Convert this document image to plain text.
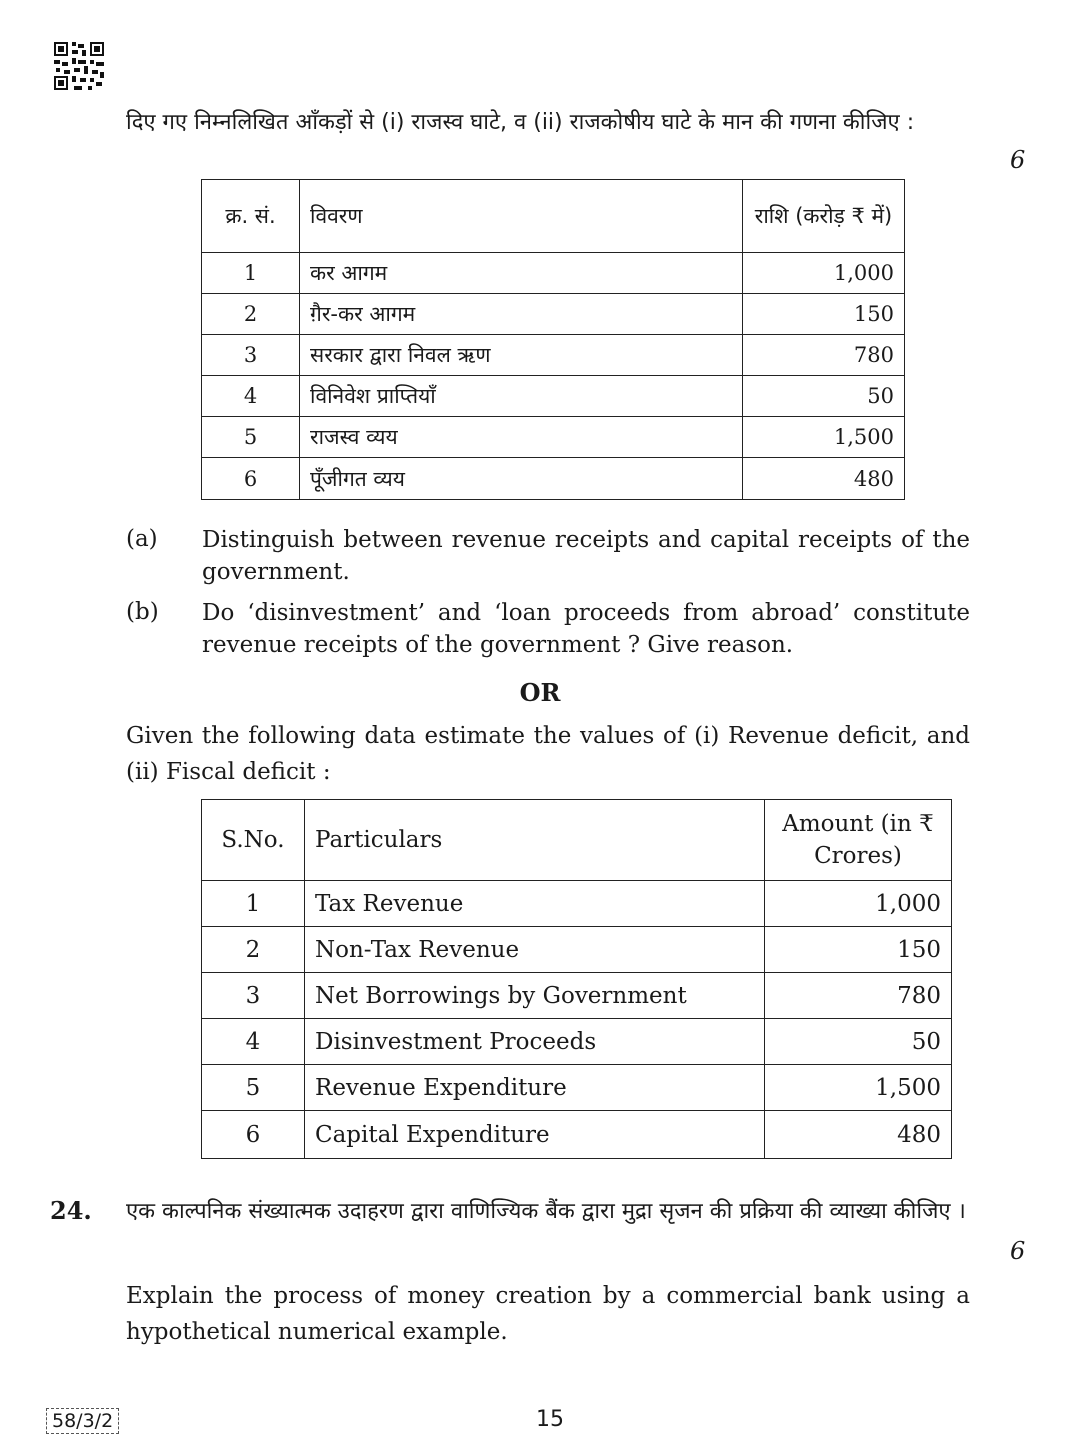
दिए गए निम्नलिखित आँकड़ों से (i) राजस्व घाटे, व (ii) राजकोषीय घाटे के मान की गणना कीजिए :
6
क्र. सं.	विवरण	राशि (करोड़ ₹ में)
1	कर आगम	1,000
2	ग़ैर-कर आगम	150
3	सरकार द्वारा निवल ऋण	780
4	विनिवेश प्राप्तियाँ	50
5	राजस्व व्यय	1,500
6	पूँजीगत व्यय	480
(a) Distinguish between revenue receipts and capital receipts of the government.
(b) Do ‘disinvestment’ and ‘loan proceeds from abroad’ constitute revenue receipts of the government ? Give reason.
OR
Given the following data estimate the values of (i) Revenue deficit, and (ii) Fiscal deficit :
S.No.	Particulars	Amount (in ₹ Crores)
1	Tax Revenue	1,000
2	Non-Tax Revenue	150
3	Net Borrowings by Government	780
4	Disinvestment Proceeds	50
5	Revenue Expenditure	1,500
6	Capital Expenditure	480
24. एक काल्पनिक संख्यात्मक उदाहरण द्वारा वाणिज्यिक बैंक द्वारा मुद्रा सृजन की प्रक्रिया की व्याख्या कीजिए ।
6
Explain the process of money creation by a commercial bank using a hypothetical numerical example.
58/3/2	15
